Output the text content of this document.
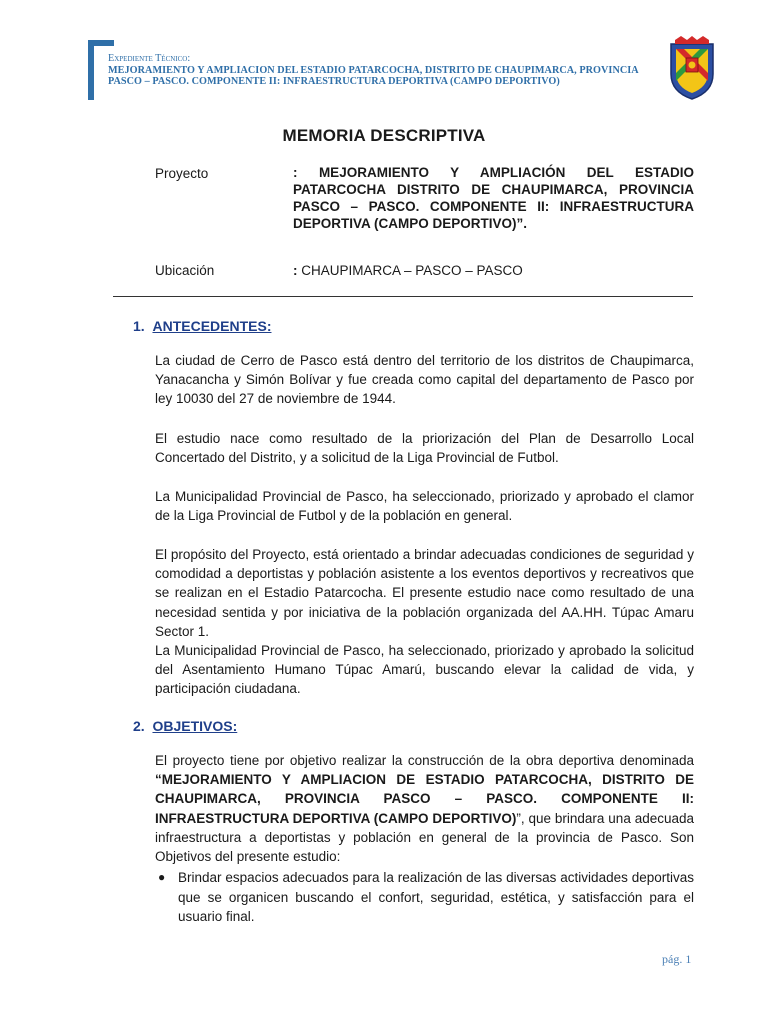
Expediente Técnico:
MEJORAMIENTO Y AMPLIACION DEL ESTADIO PATARCOCHA, DISTRITO DE CHAUPIMARCA, PROVINCIA
PASCO – PASCO. COMPONENTE II: INFRAESTRUCTURA DEPORTIVA (CAMPO DEPORTIVO)
MEMORIA DESCRIPTIVA
Proyecto	: MEJORAMIENTO Y AMPLIACIÓN DEL ESTADIO PATARCOCHA DISTRITO DE CHAUPIMARCA, PROVINCIA PASCO – PASCO. COMPONENTE II: INFRAESTRUCTURA DEPORTIVA (CAMPO DEPORTIVO)”.
Ubicación	: CHAUPIMARCA – PASCO – PASCO
1. ANTECEDENTES:
La ciudad de Cerro de Pasco está dentro del territorio de los distritos de Chaupimarca, Yanacancha y Simón Bolívar y fue creada como capital del departamento de Pasco por ley 10030 del 27 de noviembre de 1944.
El estudio nace como resultado de la priorización del Plan de Desarrollo Local Concertado del Distrito, y a solicitud de la Liga Provincial de Futbol.
La Municipalidad Provincial de Pasco, ha seleccionado, priorizado y aprobado el clamor de la Liga Provincial de Futbol y de la población en general.
El propósito del Proyecto, está orientado a brindar adecuadas condiciones de seguridad y comodidad a deportistas y población asistente a los eventos deportivos y recreativos que se realizan en el Estadio Patarcocha. El presente estudio nace como resultado de una necesidad sentida y por iniciativa de la población organizada del AA.HH. Túpac Amaru Sector 1.
La Municipalidad Provincial de Pasco, ha seleccionado, priorizado y aprobado la solicitud del Asentamiento Humano Túpac Amarú, buscando elevar la calidad de vida, y participación ciudadana.
2. OBJETIVOS:
El proyecto tiene por objetivo realizar la construcción de la obra deportiva denominada “MEJORAMIENTO Y AMPLIACION DE ESTADIO PATARCOCHA, DISTRITO DE CHAUPIMARCA, PROVINCIA PASCO – PASCO. COMPONENTE II: INFRAESTRUCTURA DEPORTIVA (CAMPO DEPORTIVO)”, que brindara una adecuada infraestructura a deportistas y población en general de la provincia de Pasco. Son Objetivos del presente estudio:
● Brindar espacios adecuados para la realización de las diversas actividades deportivas que se organicen buscando el confort, seguridad, estética, y satisfacción para el usuario final.
pág. 1
